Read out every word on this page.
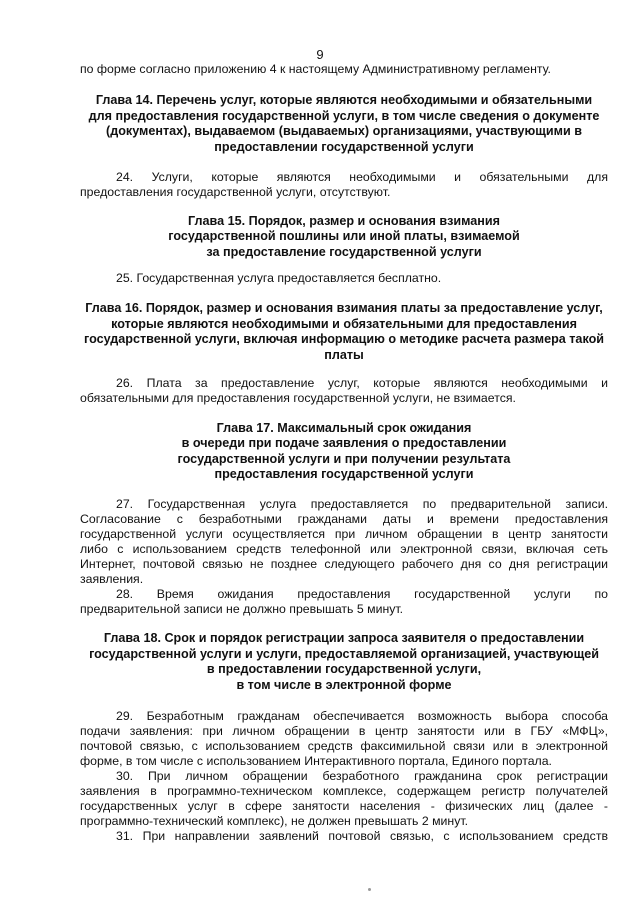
9
по форме согласно приложению 4 к настоящему Административному регламенту.
Глава 14. Перечень услуг, которые являются необходимыми и обязательными
для предоставления государственной услуги, в том числе сведения о документе
(документах), выдаваемом (выдаваемых) организациями, участвующими в
предоставлении государственной услуги
24. Услуги, которые являются необходимыми и обязательными для
предоставления государственной услуги, отсутствуют.
Глава 15. Порядок, размер и основания взимания
государственной пошлины или иной платы, взимаемой
за предоставление государственной услуги
25. Государственная услуга предоставляется бесплатно.
Глава 16. Порядок, размер и основания взимания платы за предоставление услуг,
которые являются необходимыми и обязательными для предоставления
государственной услуги, включая информацию о методике расчета размера такой
платы
26. Плата за предоставление услуг, которые являются необходимыми и
обязательными для предоставления государственной услуги, не взимается.
Глава 17. Максимальный срок ожидания
в очереди при подаче заявления о предоставлении
государственной услуги и при получении результата
предоставления государственной услуги
27. Государственная услуга предоставляется по предварительной записи.
Согласование с безработными гражданами даты и времени предоставления
государственной услуги осуществляется при личном обращении в центр занятости
либо с использованием средств телефонной или электронной связи, включая сеть
Интернет, почтовой связью не позднее следующего рабочего дня со дня регистрации
заявления.
28. Время ожидания предоставления государственной услуги по
предварительной записи не должно превышать 5 минут.
Глава 18. Срок и порядок регистрации запроса заявителя о предоставлении
государственной услуги и услуги, предоставляемой организацией, участвующей
в предоставлении государственной услуги,
в том числе в электронной форме
29. Безработным гражданам обеспечивается возможность выбора способа
подачи заявления: при личном обращении в центр занятости или в ГБУ «МФЦ»,
почтовой связью, с использованием средств факсимильной связи или в электронной
форме, в том числе с использованием Интерактивного портала, Единого портала.
30. При личном обращении безработного гражданина срок регистрации
заявления в программно-техническом комплексе, содержащем регистр получателей
государственных услуг в сфере занятости населения - физических лиц (далее -
программно-технический комплекс), не должен превышать 2 минут.
31. При направлении заявлений почтовой связью, с использованием средств
